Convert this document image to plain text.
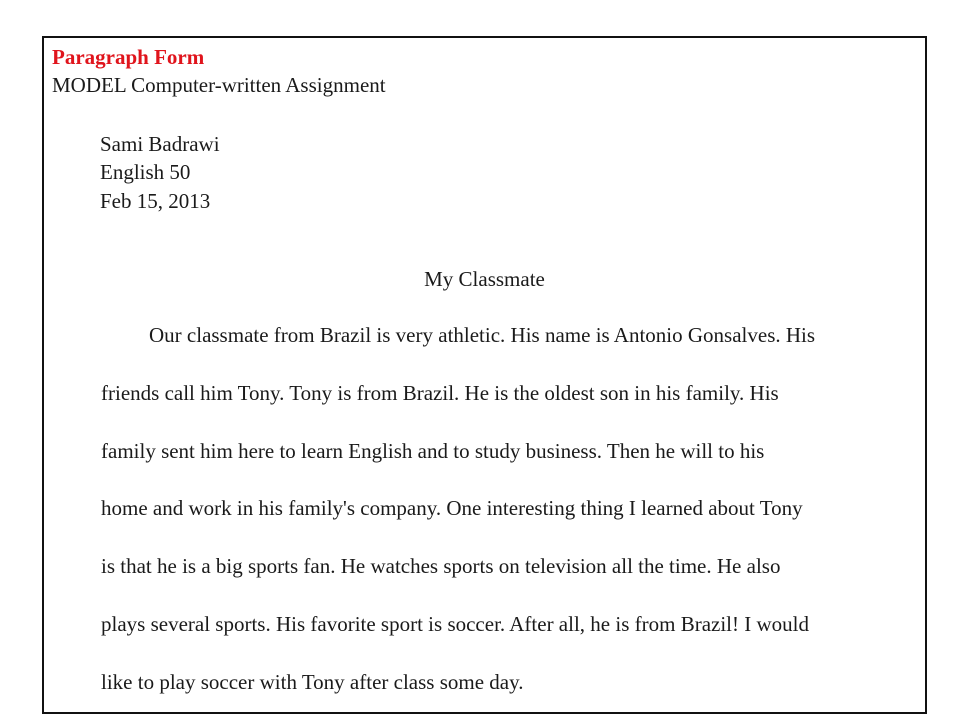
Paragraph Form
MODEL Computer-written Assignment
Sami Badrawi
English 50
Feb 15, 2013
My Classmate
Our classmate from Brazil is very athletic. His name is Antonio Gonsalves. His
friends call him Tony. Tony is from Brazil. He is the oldest son in his family. His
family sent him here to learn English and to study business. Then he will to his
home and work in his family's company. One interesting thing I learned about Tony
is that he is a big sports fan. He watches sports on television all the time. He also
plays several sports. His favorite sport is soccer. After all, he is from Brazil! I would
like to play soccer with Tony after class some day.
